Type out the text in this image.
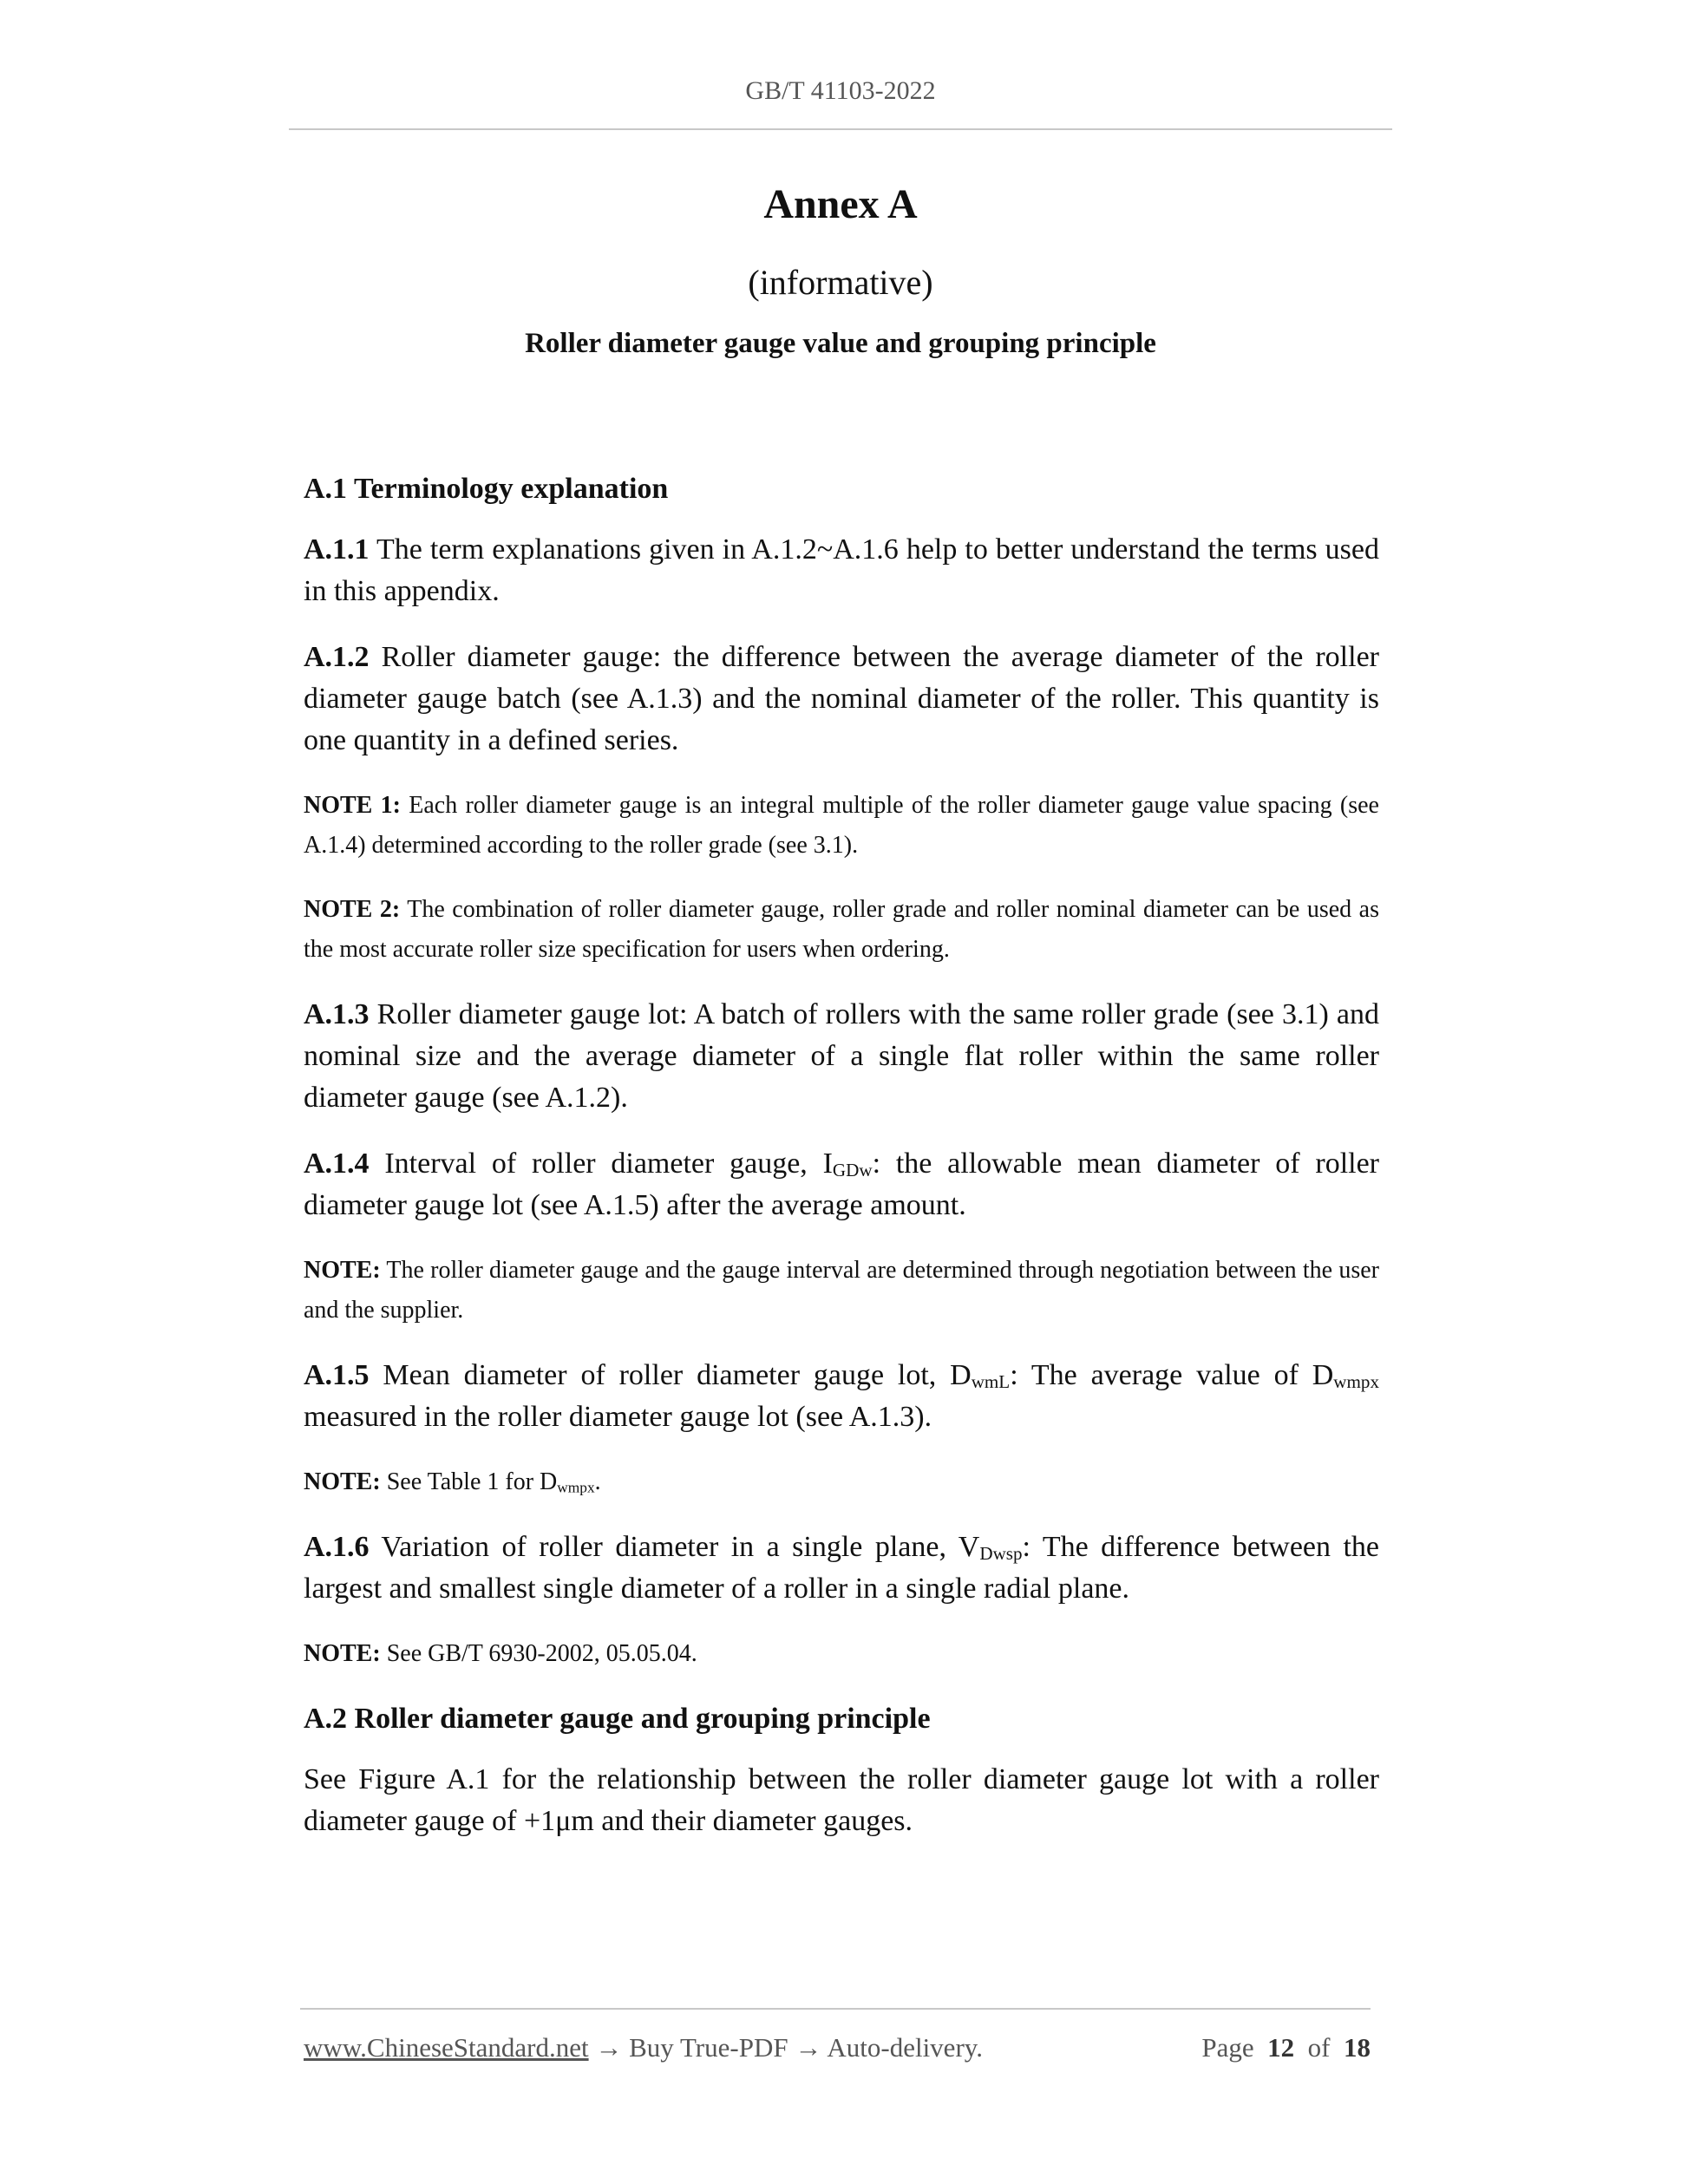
GB/T 41103-2022
Annex A
(informative)
Roller diameter gauge value and grouping principle
A.1 Terminology explanation

A.1.1 The term explanations given in A.1.2~A.1.6 help to better understand the terms used in this appendix.

A.1.2 Roller diameter gauge: the difference between the average diameter of the roller diameter gauge batch (see A.1.3) and the nominal diameter of the roller. This quantity is one quantity in a defined series.

NOTE 1: Each roller diameter gauge is an integral multiple of the roller diameter gauge value spacing (see A.1.4) determined according to the roller grade (see 3.1).

NOTE 2: The combination of roller diameter gauge, roller grade and roller nominal diameter can be used as the most accurate roller size specification for users when ordering.

A.1.3 Roller diameter gauge lot: A batch of rollers with the same roller grade (see 3.1) and nominal size and the average diameter of a single flat roller within the same roller diameter gauge (see A.1.2).

A.1.4 Interval of roller diameter gauge, $I_{GDw}$: the allowable mean diameter of roller diameter gauge lot (see A.1.5) after the average amount.

NOTE: The roller diameter gauge and the gauge interval are determined through negotiation between the user and the supplier.

A.1.5 Mean diameter of roller diameter gauge lot, $D_{wmL}$: The average value of $D_{wmpx}$ measured in the roller diameter gauge lot (see A.1.3).

NOTE: See Table 1 for $D_{wmpx}$.

A.1.6 Variation of roller diameter in a single plane, $V_{Dwsp}$: The difference between the largest and smallest single diameter of a roller in a single radial plane.

NOTE: See GB/T 6930-2002, 05.05.04.

A.2 Roller diameter gauge and grouping principle

See Figure A.1 for the relationship between the roller diameter gauge lot with a roller diameter gauge of +1μm and their diameter gauges.

www.ChineseStandard.net → Buy True-PDF → Auto-delivery.	Page 12 of 18
